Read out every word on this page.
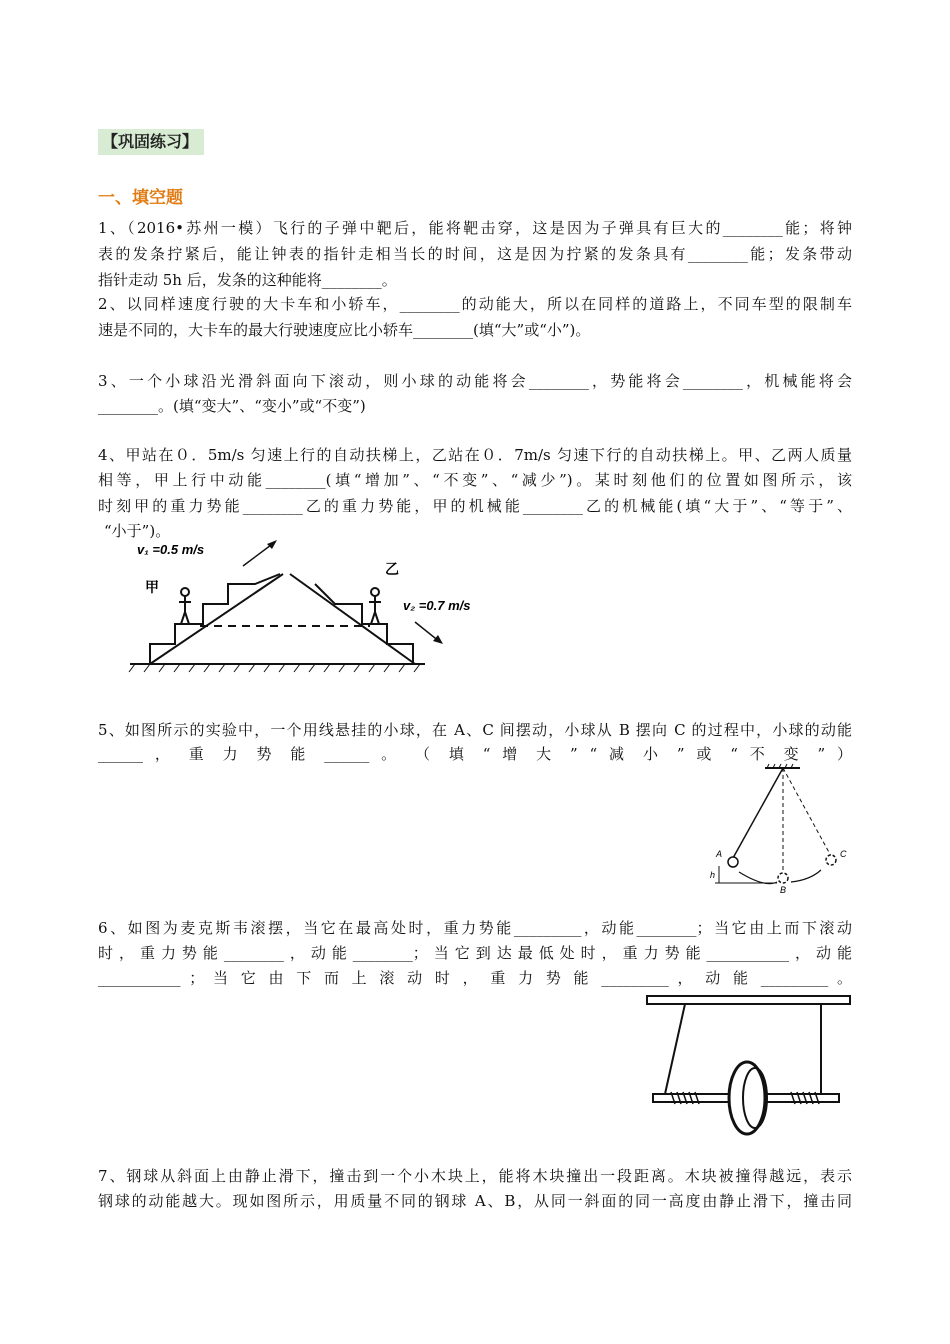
【巩固练习】
一、填空题
1、（2016•苏州一模）飞行的子弹中靶后，能将靶击穿，这是因为子弹具有巨大的________能；将钟
表的发条拧紧后，能让钟表的指针走相当长的时间，这是因为拧紧的发条具有________能；发条带动
指针走动 5h 后，发条的这种能将________。
2、以同样速度行驶的大卡车和小轿车，________的动能大，所以在同样的道路上，不同车型的限制车
速是不同的，大卡车的最大行驶速度应比小轿车________(填“大”或“小”)。
3、一个小球沿光滑斜面向下滚动，则小球的动能将会________，势能将会________，机械能将会
________。(填“变大”、“变小”或“不变”)
4、甲站在０．5m/s 匀速上行的自动扶梯上，乙站在０．7m/s 匀速下行的自动扶梯上。甲、乙两人质量
相等，甲上行中动能________(填“增加”、“不变”、“减少”)。某时刻他们的位置如图所示，该
时刻甲的重力势能________乙的重力势能，甲的机械能________乙的机械能(填“大于”、“等于”、
“小于”)。
v₁ =0.5 m/s
甲
乙
v₂ =0.7 m/s
5、如图所示的实验中，一个用线悬挂的小球，在 A、C 间摆动，小球从 B 摆向 C 的过程中，小球的动能
______ ， 重 力 势 能 ______ 。 （ 填 “ 增 大 ” “ 减 小 ” 或 “ 不 变 ” ）
A
B
C
h
6、如图为麦克斯韦滚摆，当它在最高处时，重力势能_________，动能________；当它由上而下滚动
时，重力势能________，动能________；当它到达最低处时，重力势能___________，动能
___________ ； 当 它 由 下 而 上 滚 动 时 ， 重 力 势 能 _________ ， 动 能 _________ 。
7、钢球从斜面上由静止滑下，撞击到一个小木块上，能将木块撞出一段距离。木块被撞得越远，表示
钢球的动能越大。现如图所示，用质量不同的钢球 A、B，从同一斜面的同一高度由静止滑下，撞击同
